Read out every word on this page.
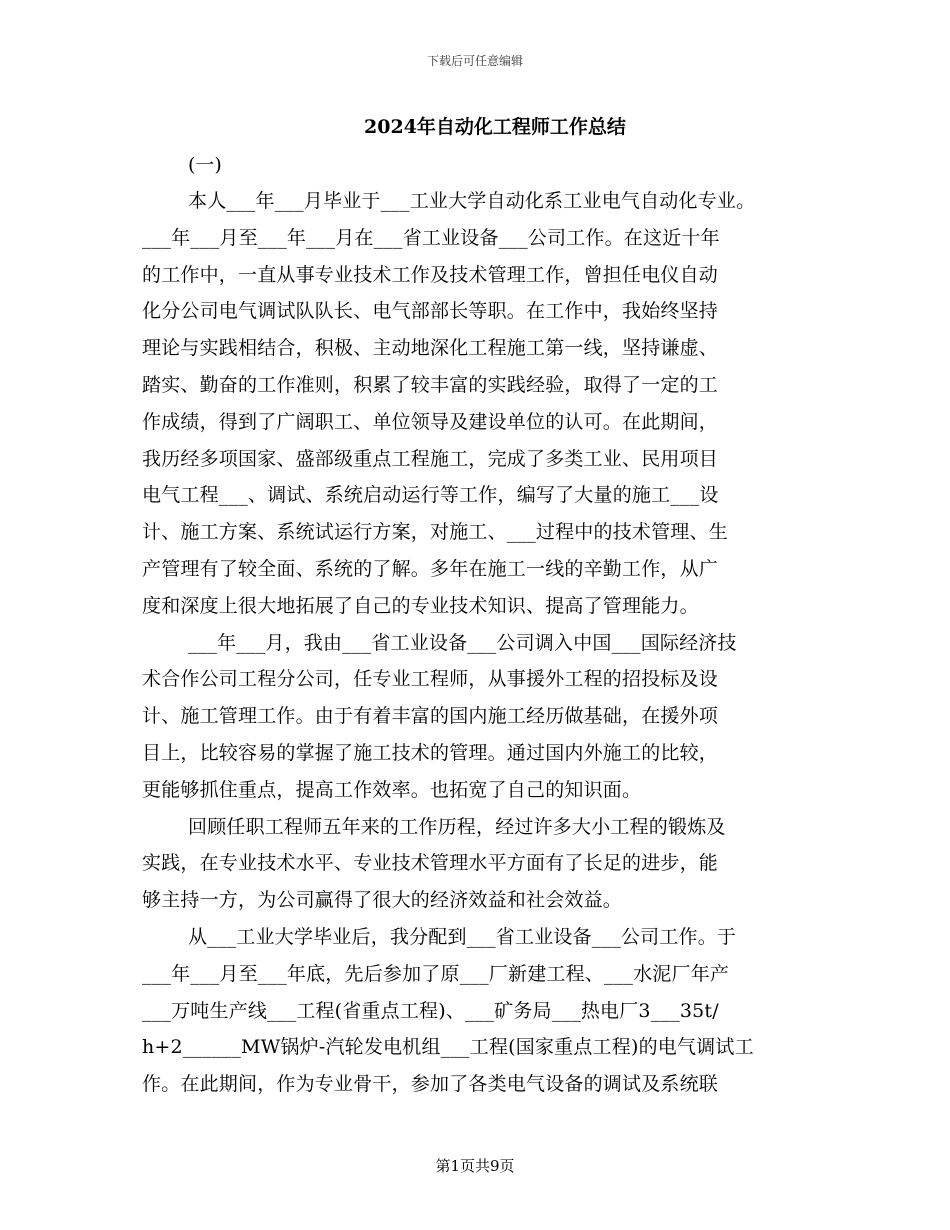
下载后可任意编辑
2024年自动化工程师工作总结
(一)
本人___年___月毕业于___工业大学自动化系工业电气自动化专业。
___年___月至___年___月在___省工业设备___公司工作。在这近十年
的工作中，一直从事专业技术工作及技术管理工作，曾担任电仪自动
化分公司电气调试队队长、电气部部长等职。在工作中，我始终坚持
理论与实践相结合，积极、主动地深化工程施工第一线，坚持谦虚、
踏实、勤奋的工作准则，积累了较丰富的实践经验，取得了一定的工
作成绩，得到了广阔职工、单位领导及建设单位的认可。在此期间，
我历经多项国家、盛部级重点工程施工，完成了多类工业、民用项目
电气工程___、调试、系统启动运行等工作，编写了大量的施工___设
计、施工方案、系统试运行方案，对施工、___过程中的技术管理、生
产管理有了较全面、系统的了解。多年在施工一线的辛勤工作，从广
度和深度上很大地拓展了自己的专业技术知识、提高了管理能力。
___年___月，我由___省工业设备___公司调入中国___国际经济技
术合作公司工程分公司，任专业工程师，从事援外工程的招投标及设
计、施工管理工作。由于有着丰富的国内施工经历做基础，在援外项
目上，比较容易的掌握了施工技术的管理。通过国内外施工的比较，
更能够抓住重点，提高工作效率。也拓宽了自己的知识面。
回顾任职工程师五年来的工作历程，经过许多大小工程的锻炼及
实践，在专业技术水平、专业技术管理水平方面有了长足的进步，能
够主持一方，为公司赢得了很大的经济效益和社会效益。
从___工业大学毕业后，我分配到___省工业设备___公司工作。于
___年___月至___年底，先后参加了原___厂新建工程、___水泥厂年产
___万吨生产线___工程(省重点工程)、___矿务局___热电厂3___35t/
h+2______MW锅炉-汽轮发电机组___工程(国家重点工程)的电气调试工
作。在此期间，作为专业骨干，参加了各类电气设备的调试及系统联
第1页共9页
